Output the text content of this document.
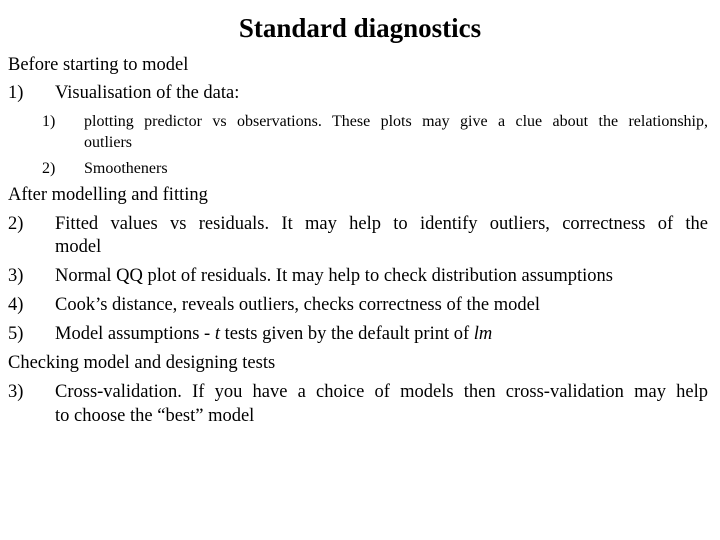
Standard diagnostics
Before starting to model
1) Visualisation of the data:
1) plotting predictor vs observations. These plots may give a clue about the relationship,
outliers
2) Smootheners
After modelling and fitting
2) Fitted values vs residuals. It may help to identify outliers, correctness of the
model
3) Normal QQ plot of residuals. It may help to check distribution assumptions
4) Cook’s distance, reveals outliers, checks correctness of the model
5) Model assumptions - t tests given by the default print of lm
Checking model and designing tests
3) Cross-validation. If you have a choice of models then cross-validation may help
to choose the “best” model
